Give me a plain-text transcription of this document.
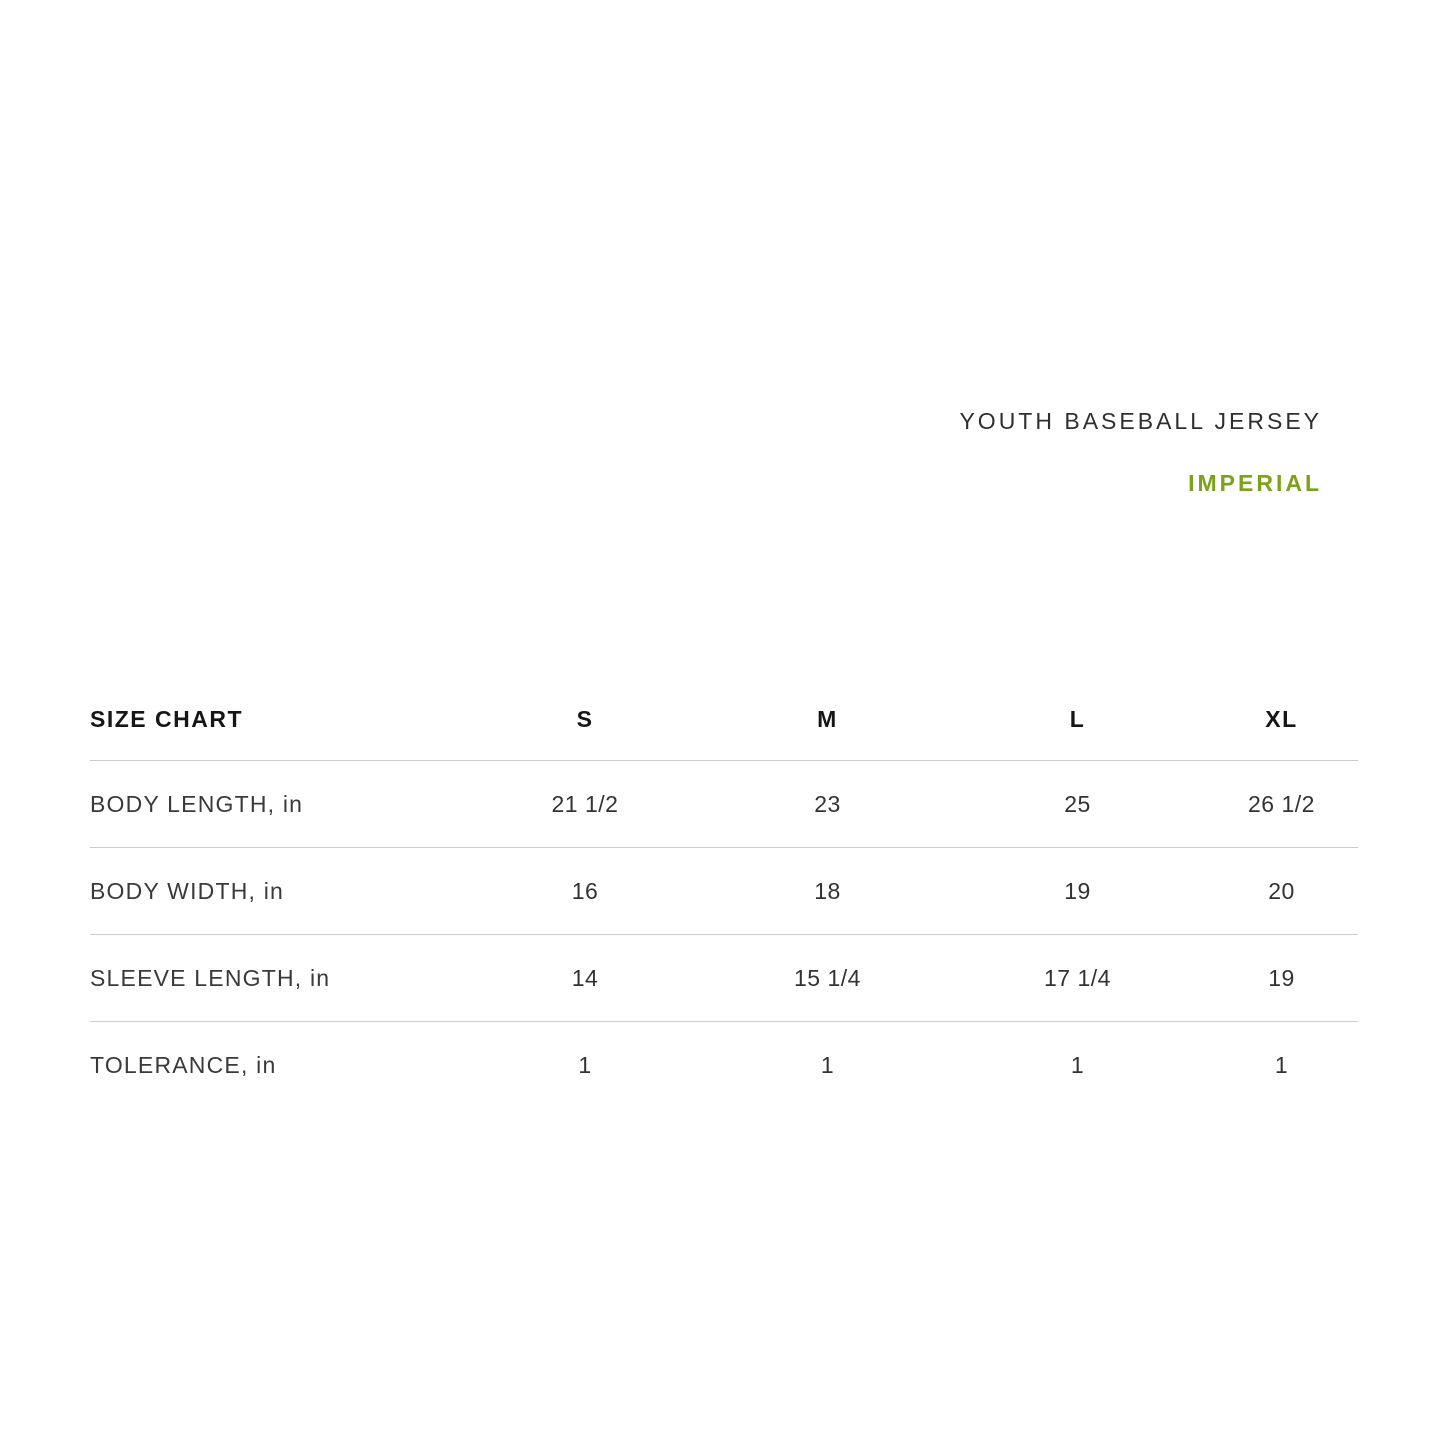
YOUTH BASEBALL JERSEY
IMPERIAL
SIZE CHART	S	M	L	XL
BODY LENGTH, in	21 1/2	23	25	26 1/2
BODY WIDTH, in	16	18	19	20
SLEEVE LENGTH, in	14	15 1/4	17 1/4	19
TOLERANCE, in	1	1	1	1
